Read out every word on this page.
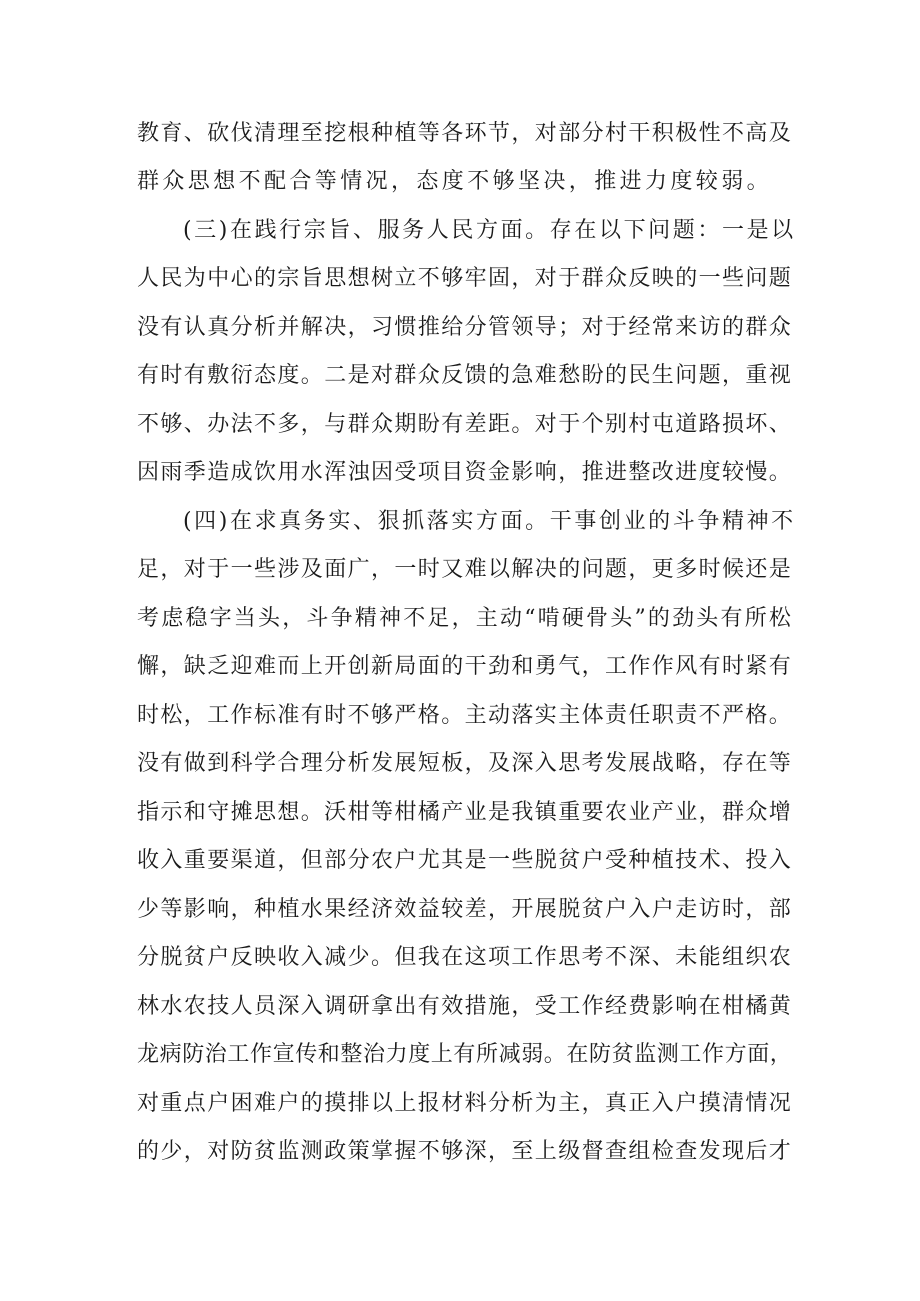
教育、砍伐清理至挖根种植等各环节，对部分村干积极性不高及
群众思想不配合等情况，态度不够坚决，推进力度较弱。
(三)在践行宗旨、服务人民方面。存在以下问题：一是以
人民为中心的宗旨思想树立不够牢固，对于群众反映的一些问题
没有认真分析并解决，习惯推给分管领导；对于经常来访的群众
有时有敷衍态度。二是对群众反馈的急难愁盼的民生问题，重视
不够、办法不多，与群众期盼有差距。对于个别村屯道路损坏、
因雨季造成饮用水浑浊因受项目资金影响，推进整改进度较慢。
(四)在求真务实、狠抓落实方面。干事创业的斗争精神不
足，对于一些涉及面广，一时又难以解决的问题，更多时候还是
考虑稳字当头，斗争精神不足，主动“啃硬骨头”的劲头有所松
懈，缺乏迎难而上开创新局面的干劲和勇气，工作作风有时紧有
时松，工作标准有时不够严格。主动落实主体责任职责不严格。
没有做到科学合理分析发展短板，及深入思考发展战略，存在等
指示和守摊思想。沃柑等柑橘产业是我镇重要农业产业，群众增
收入重要渠道，但部分农户尤其是一些脱贫户受种植技术、投入
少等影响，种植水果经济效益较差，开展脱贫户入户走访时，部
分脱贫户反映收入减少。但我在这项工作思考不深、未能组织农
林水农技人员深入调研拿出有效措施，受工作经费影响在柑橘黄
龙病防治工作宣传和整治力度上有所减弱。在防贫监测工作方面，
对重点户困难户的摸排以上报材料分析为主，真正入户摸清情况
的少，对防贫监测政策掌握不够深，至上级督查组检查发现后才
